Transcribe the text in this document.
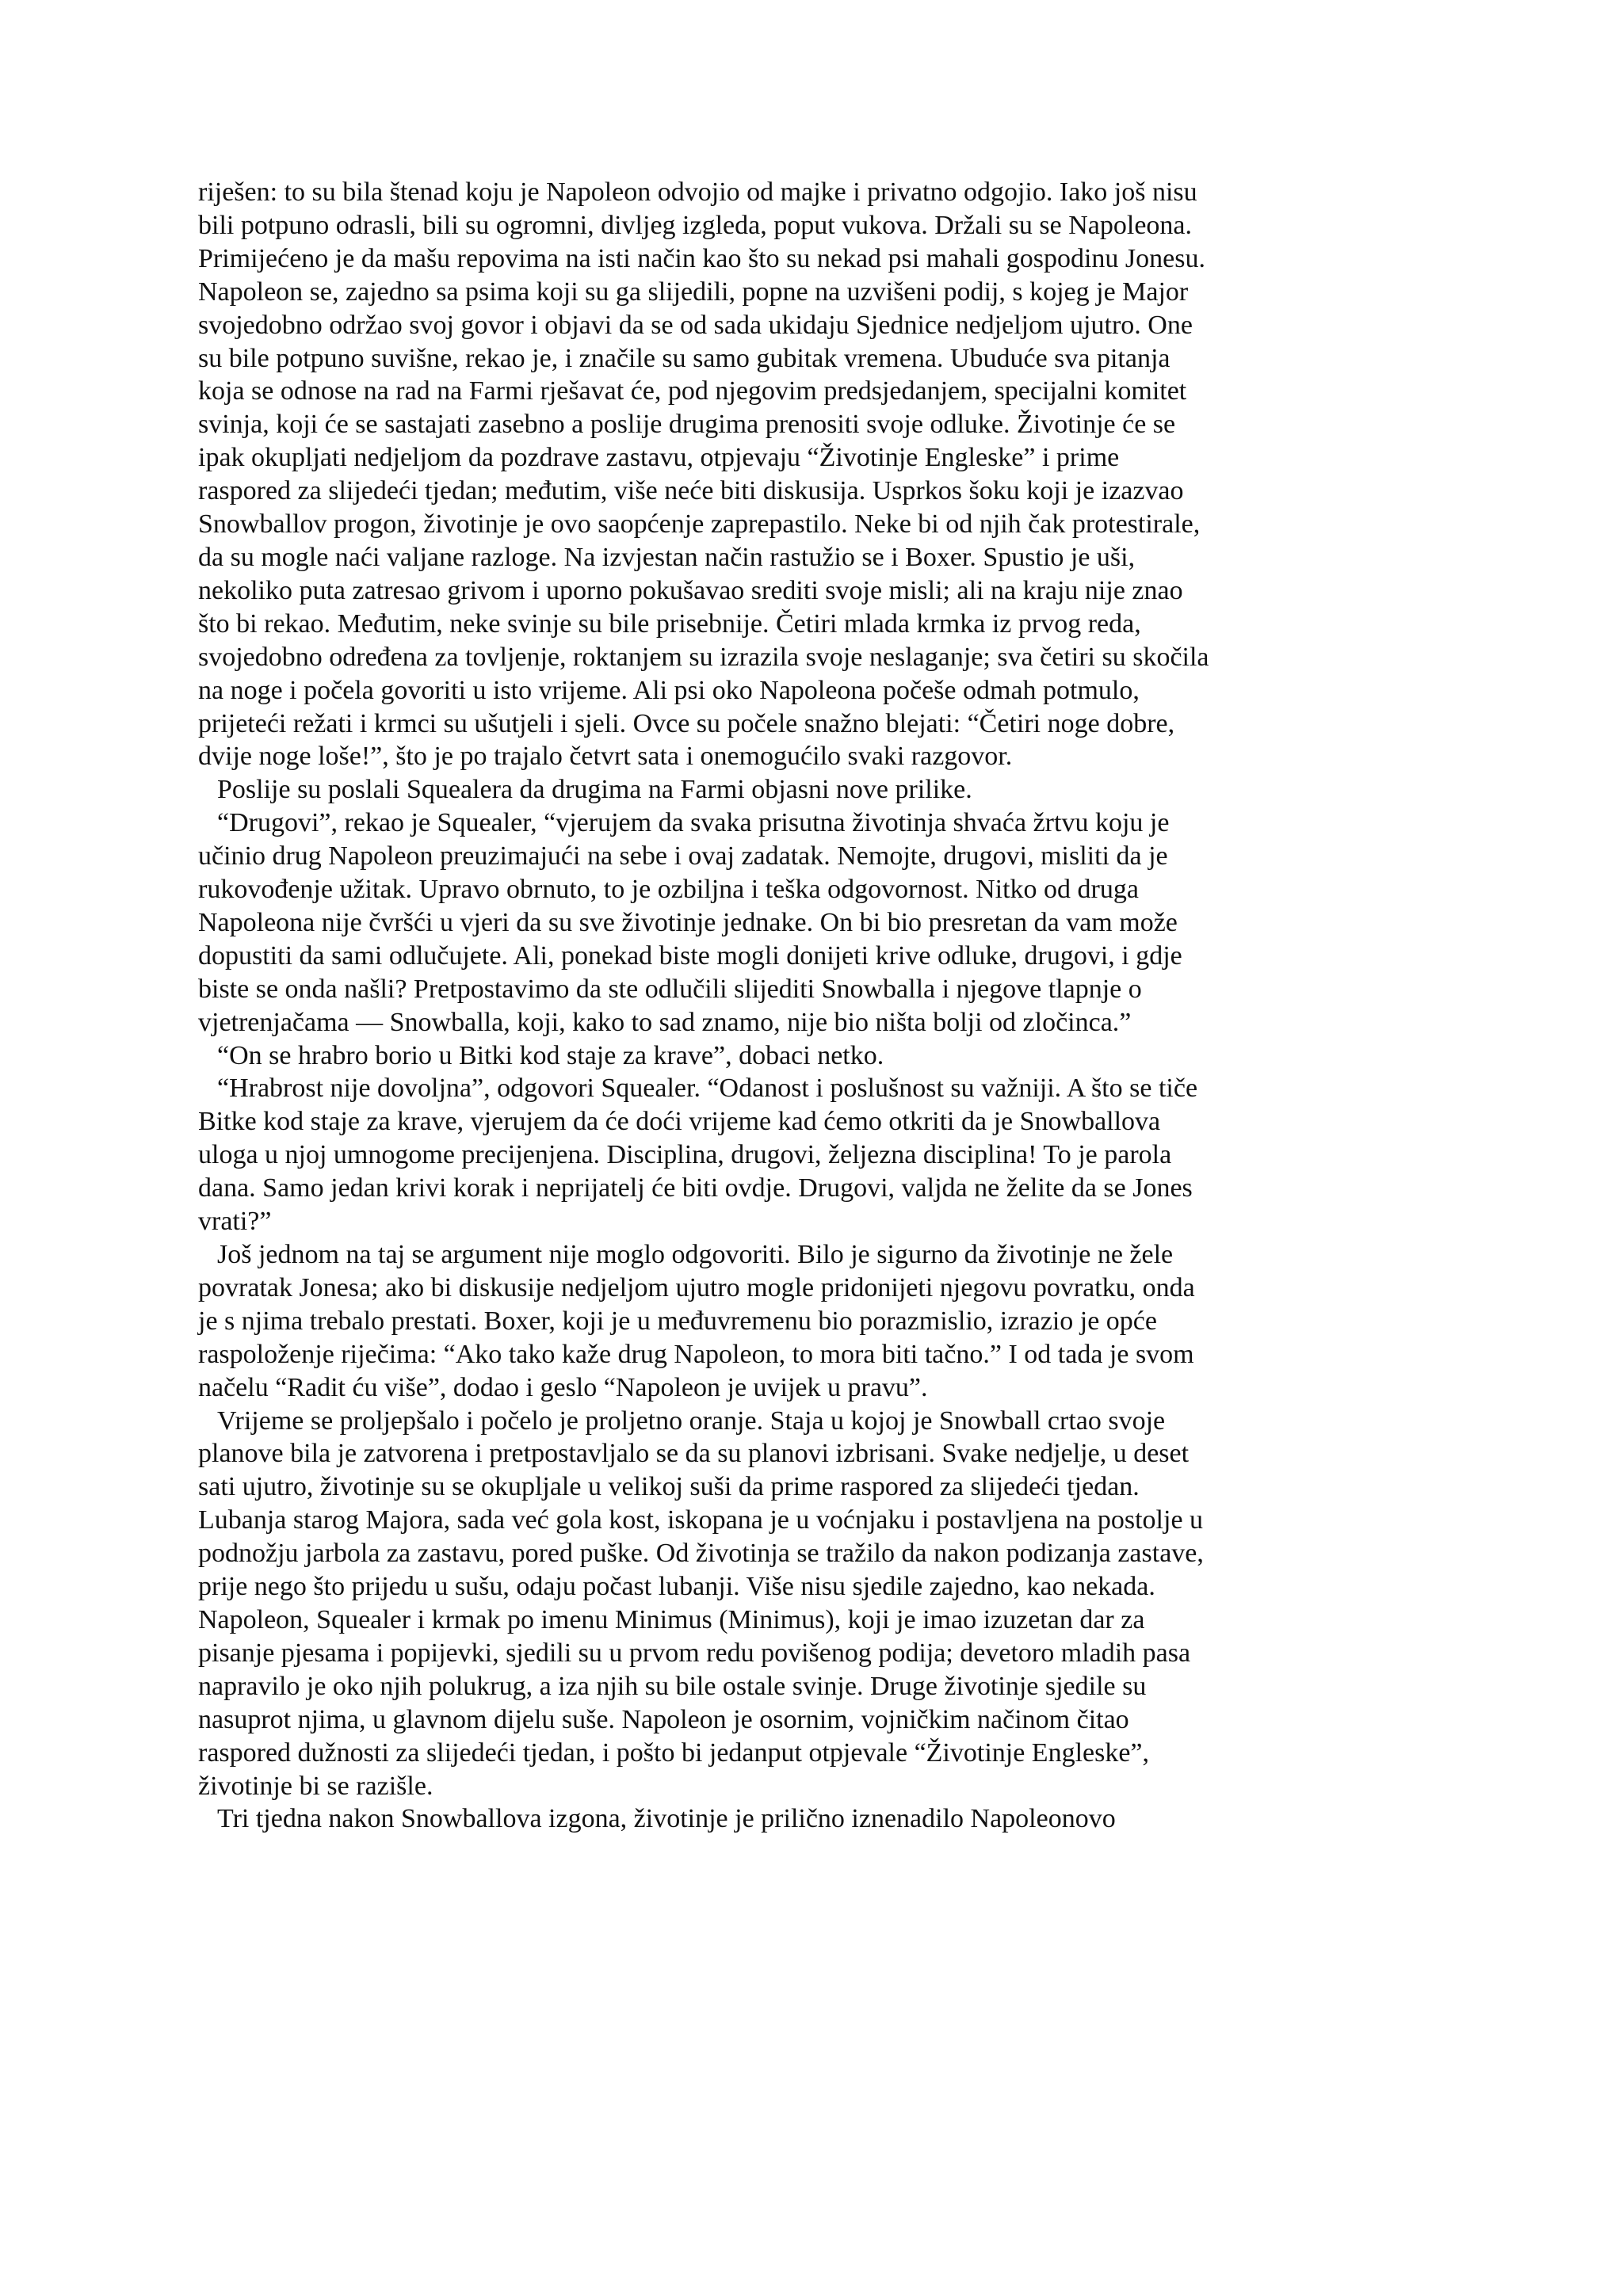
riješen: to su bila štenad koju je Napoleon odvojio od majke i privatno odgojio. Iako još nisu
bili potpuno odrasli, bili su ogromni, divljeg izgleda, poput vukova. Držali su se Napoleona.
Primijećeno je da mašu repovima na isti način kao što su nekad psi mahali gospodinu Jonesu.
Napoleon se, zajedno sa psima koji su ga slijedili, popne na uzvišeni podij, s kojeg je Major
svojedobno održao svoj govor i objavi da se od sada ukidaju Sjednice nedjeljom ujutro. One
su bile potpuno suvišne, rekao je, i značile su samo gubitak vremena. Ubuduće sva pitanja
koja se odnose na rad na Farmi rješavat će, pod njegovim predsjedanjem, specijalni komitet
svinja, koji će se sastajati zasebno a poslije drugima prenositi svoje odluke. Životinje će se
ipak okupljati nedjeljom da pozdrave zastavu, otpjevaju “Životinje Engleske” i prime
raspored za slijedeći tjedan; međutim, više neće biti diskusija. Usprkos šoku koji je izazvao
Snowballov progon, životinje je ovo saopćenje zaprepastilo. Neke bi od njih čak protestirale,
da su mogle naći valjane razloge. Na izvjestan način rastužio se i Boxer. Spustio je uši,
nekoliko puta zatresao grivom i uporno pokušavao srediti svoje misli; ali na kraju nije znao
što bi rekao. Međutim, neke svinje su bile prisebnije. Četiri mlada krmka iz prvog reda,
svojedobno određena za tovljenje, roktanjem su izrazila svoje neslaganje; sva četiri su skočila
na noge i počela govoriti u isto vrijeme. Ali psi oko Napoleona počeše odmah potmulo,
prijeteći režati i krmci su ušutjeli i sjeli. Ovce su počele snažno blejati: “Četiri noge dobre,
dvije noge loše!”, što je po trajalo četvrt sata i onemogućilo svaki razgovor.

Poslije su poslali Squealera da drugima na Farmi objasni nove prilike.

“Drugovi”, rekao je Squealer, “vjerujem da svaka prisutna životinja shvaća žrtvu koju je
učinio drug Napoleon preuzimajući na sebe i ovaj zadatak. Nemojte, drugovi, misliti da je
rukovođenje užitak. Upravo obrnuto, to je ozbiljna i teška odgovornost. Nitko od druga
Napoleona nije čvršći u vjeri da su sve životinje jednake. On bi bio presretan da vam može
dopustiti da sami odlučujete. Ali, ponekad biste mogli donijeti krive odluke, drugovi, i gdje
biste se onda našli? Pretpostavimo da ste odlučili slijediti Snowballa i njegove tlapnje o
vjetrenjačama — Snowballa, koji, kako to sad znamo, nije bio ništa bolji od zločinca.”

“On se hrabro borio u Bitki kod staje za krave”, dobaci netko.

“Hrabrost nije dovoljna”, odgovori Squealer. “Odanost i poslušnost su važniji. A što se tiče
Bitke kod staje za krave, vjerujem da će doći vrijeme kad ćemo otkriti da je Snowballova
uloga u njoj umnogome precijenjena. Disciplina, drugovi, željezna disciplina! To je parola
dana. Samo jedan krivi korak i neprijatelj će biti ovdje. Drugovi, valjda ne želite da se Jones
vrati?”

Još jednom na taj se argument nije moglo odgovoriti. Bilo je sigurno da životinje ne žele
povratak Jonesa; ako bi diskusije nedjeljom ujutro mogle pridonijeti njegovu povratku, onda
je s njima trebalo prestati. Boxer, koji je u međuvremenu bio porazmislio, izrazio je opće
raspoloženje riječima: “Ako tako kaže drug Napoleon, to mora biti tačno.” I od tada je svom
načelu “Radit ću više”, dodao i geslo “Napoleon je uvijek u pravu”.

Vrijeme se proljepšalo i počelo je proljetno oranje. Staja u kojoj je Snowball crtao svoje
planove bila je zatvorena i pretpostavljalo se da su planovi izbrisani. Svake nedjelje, u deset
sati ujutro, životinje su se okupljale u velikoj suši da prime raspored za slijedeći tjedan.
Lubanja starog Majora, sada već gola kost, iskopana je u voćnjaku i postavljena na postolje u
podnožju jarbola za zastavu, pored puške. Od životinja se tražilo da nakon podizanja zastave,
prije nego što prijedu u sušu, odaju počast lubanji. Više nisu sjedile zajedno, kao nekada.
Napoleon, Squealer i krmak po imenu Minimus (Minimus), koji je imao izuzetan dar za
pisanje pjesama i popijevki, sjedili su u prvom redu povišenog podija; devetoro mladih pasa
napravilo je oko njih polukrug, a iza njih su bile ostale svinje. Druge životinje sjedile su
nasuprot njima, u glavnom dijelu suše. Napoleon je osornim, vojničkim načinom čitao
raspored dužnosti za slijedeći tjedan, i pošto bi jedanput otpjevale “Životinje Engleske”,
životinje bi se razišle.

Tri tjedna nakon Snowballova izgona, životinje je prilično iznenadilo Napoleonovo
